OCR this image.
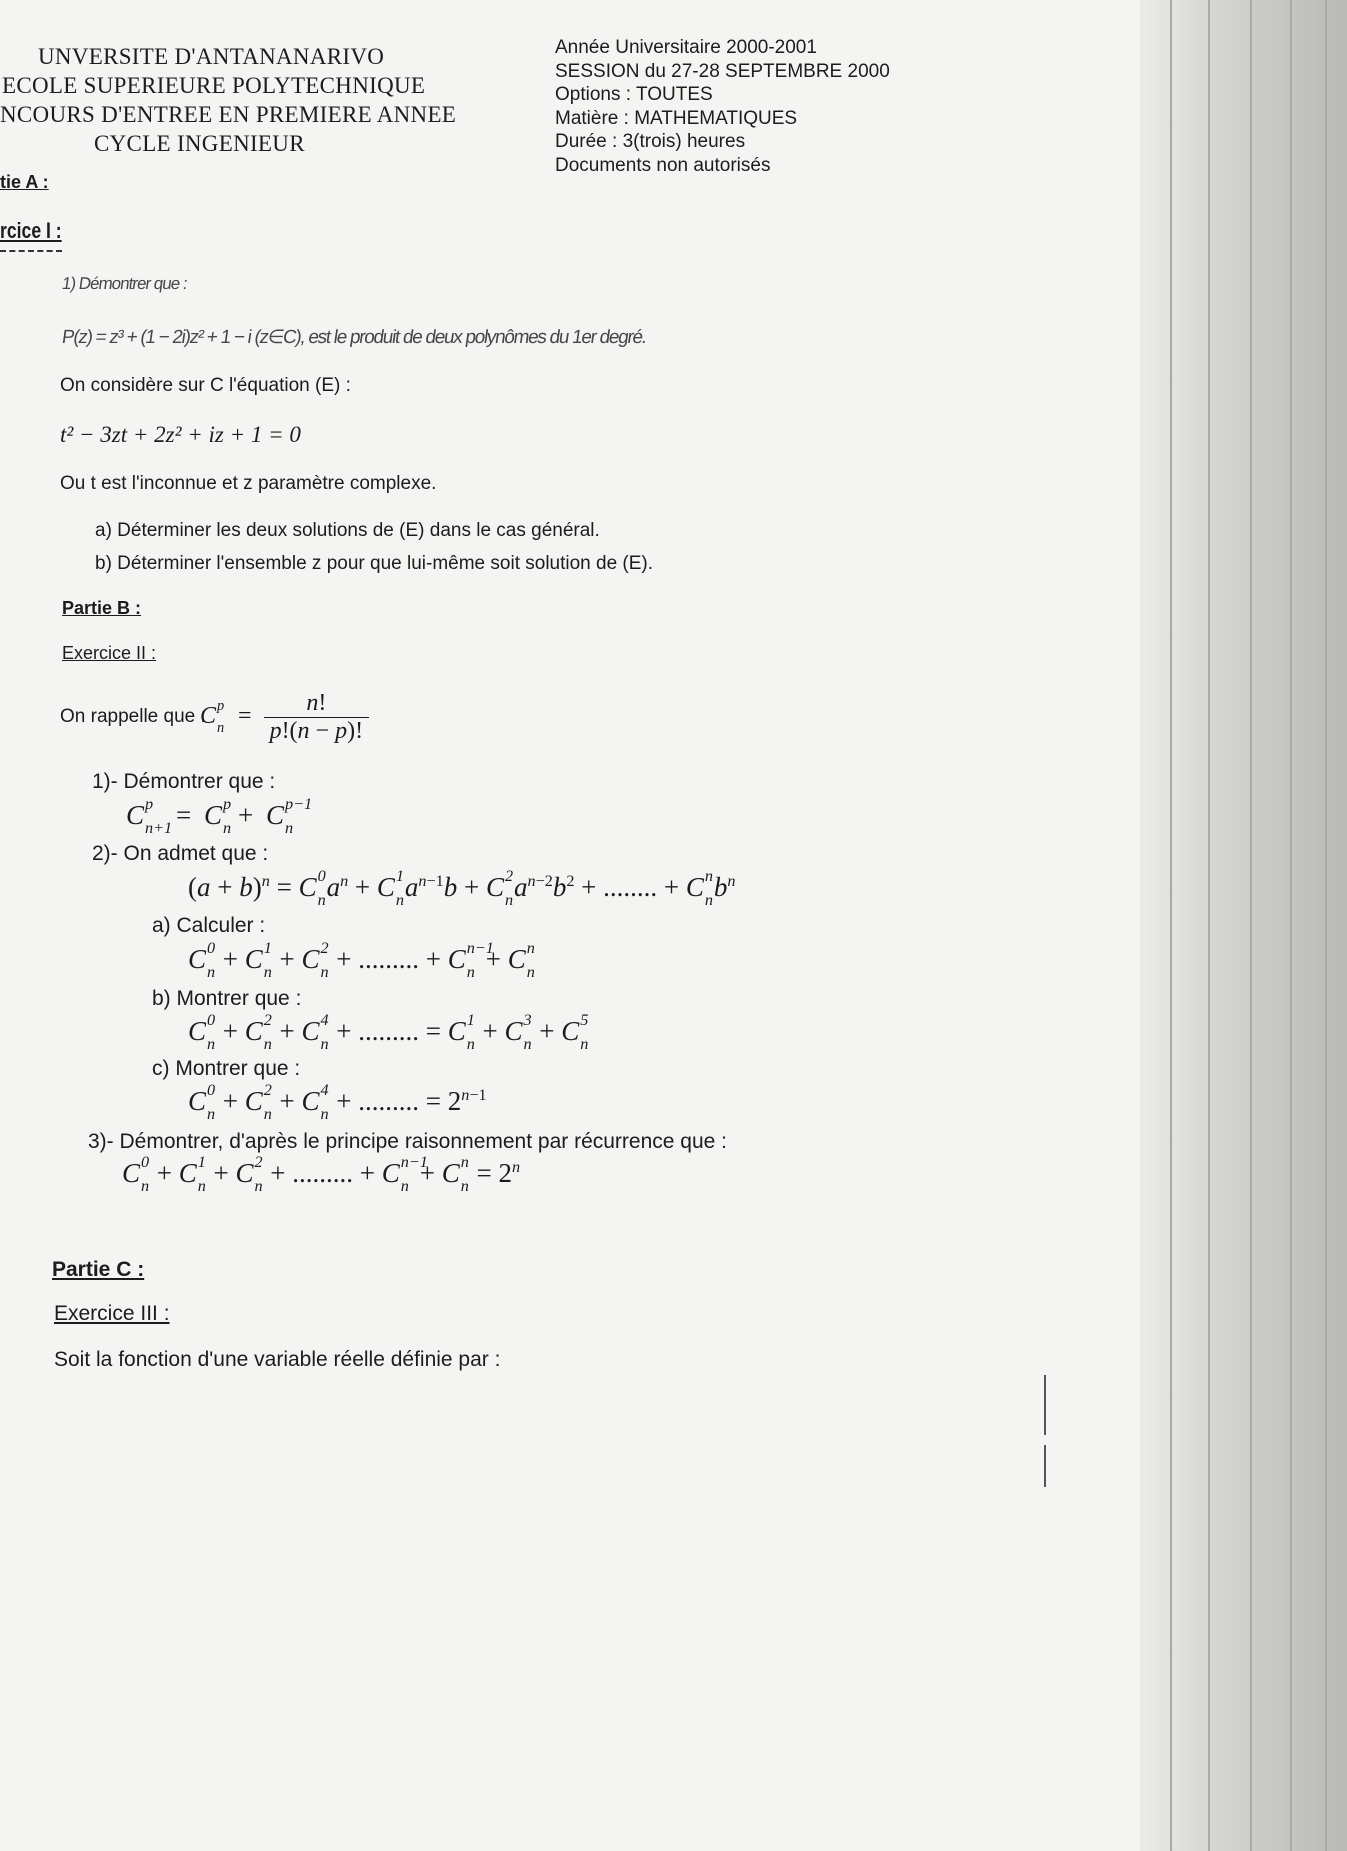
UNVERSITE D'ANTANANARIVO
ECOLE SUPERIEURE POLYTECHNIQUE
NCOURS D'ENTREE EN PREMIERE ANNEE
CYCLE INGENIEUR
Année Universitaire 2000-2001
SESSION du 27-28 SEPTEMBRE 2000
Options : TOUTES
Matière : MATHEMATIQUES
Durée : 3(trois) heures
Documents non autorisés
tie A :
rcice I :
1) Démontrer que :
P(z) = z³ + (1 − 2i)z² + 1 − i (z∈C), est le produit de deux polynômes du 1er degré.
On considère sur C l'équation (E) :
t² − 3zt + 2z² + iz + 1 = 0
Ou t est l'inconnue et z paramètre complexe.
a) Déterminer les deux solutions de (E) dans le cas général.
b) Déterminer l'ensemble z pour que lui-même soit solution de (E).
Partie B :
Exercice II :
On rappelle que :
C p
$n = \frac{n!}{p!(n - p)!}$
1)- Démontrer que :
C p
n+1 = C p
n + C p−1
n
2)- On admet que :
$(a + b)^n = C$ 0
n $a^n + C$ 1
n $a^{n-1}b + C$ 2
n $a^{n-2}b^2$ + ........ + C n
n $b^n$
a) Calculer :
C 0
n + C 1
n + C 2
n + ......... + C n−1
n + C n
n
b) Montrer que :
C 0
n + C 2
n + C 4
n + ......... = C 1
n + C 3
n + C 5
n
c) Montrer que :
C 0
n + C 2
n + C 4
n + ......... = $2^{n-1}$
3)- Démontrer, d'après le principe raisonnement par récurrence que :
C 0
n + C 1
n + C 2
n + ......... + C n−1
n + C n
$n = 2^n$
Partie C :
Exercice III :
Soit la fonction d'une variable réelle définie par :
